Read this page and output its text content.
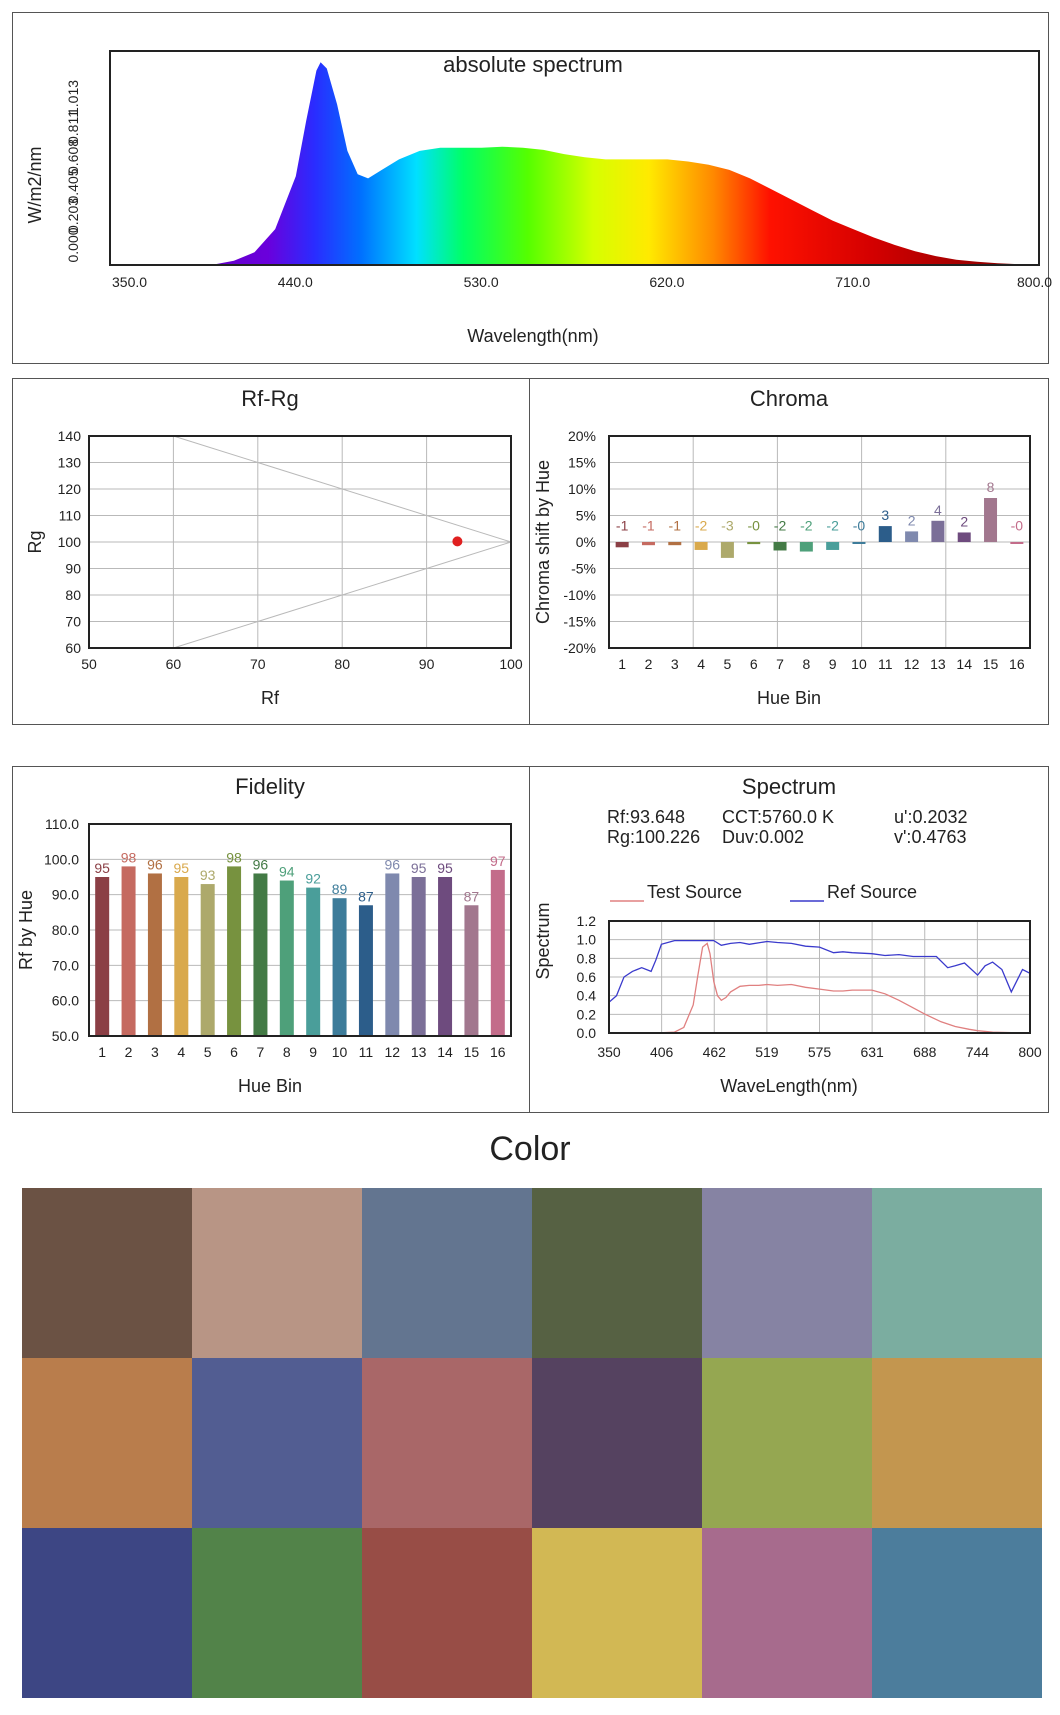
absolute spectrum
350.0	440.0	530.0	620.0	710.0	800.0
0.000
0.203
0.405
0.608
0.811
1.013
Wavelength(nm)
W/m2/nm
Rf-Rg
50	60	70	80	90	100
60
70
80
90
100
110
120
130
140
Rf
Rg
-1 -1 -1 -2 -3 -0 -2 -2 -2 -0
3 2
4
2
8
-0
Chroma
20%
15%
10%
5%
0%
-5%
-10%
-15%
-20%
1 2 3 4 5 6 7 8 9 10 11 12 13 14 15 16
Hue Bin
Chroma shift by Hue
95
98 96 95 93
98 96 94 92
89 87
96 95 95
87
97
Fidelity
50.0
60.0
70.0
80.0
90.0
100.0
110.0
1 2 3 4 5 6 7 8 9 10 11 12 13 14 15 16
Hue Bin
Rf by Hue
Spectrum
Rf:93.648
Rg:100.226
CCT:5760.0 K
Duv:0.002
u':0.2032
v':0.4763
Test Source	Ref Source
0.0
0.2
0.4
0.6
0.8
1.0
1.2
350 406 462 519 575 631 688 744 800
WaveLength(nm)
Spectrum
Color
